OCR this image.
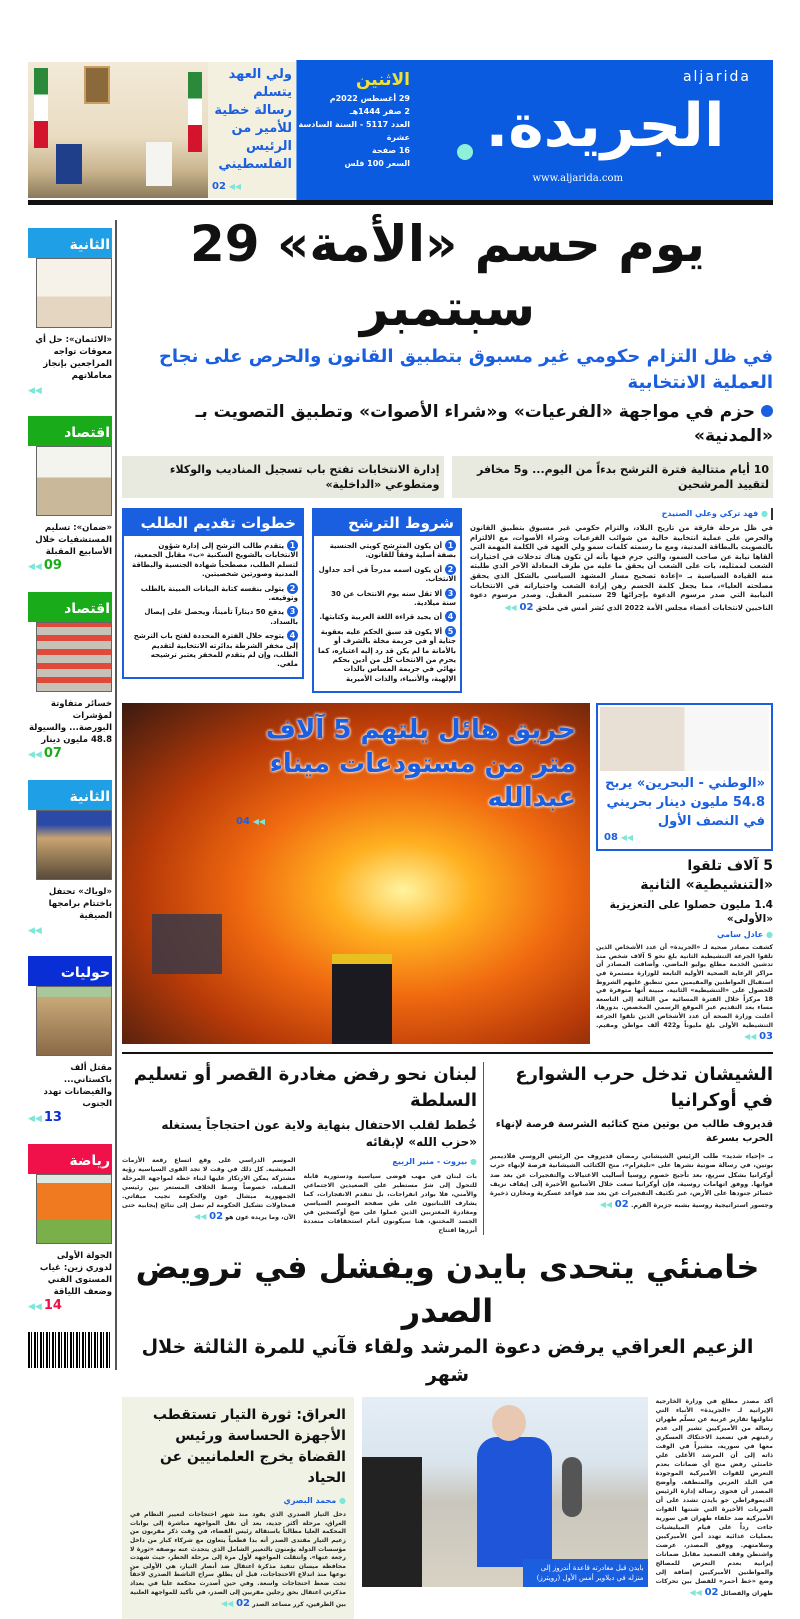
ولي العهد يتسلم رسالة خطية للأمير من الرئيس الفلسطيني
02 ◀◀
الاثنين
29 أغسطس 2022م
2 صفر 1444هـ
العدد 5117 - السنة السادسة عشرة
16 صفحة
السعر 100 فلس
aljarida
الجريدة.
www.aljarida.com
الثانية
«الائتمان»: حل أي معوقات تواجه المراجعين بإنجاز معاملاتهم
◀◀
اقتصاد
«ضمان»: تسليم المستشفيات خلال الأسابيع المقبلة
◀◀ 09
اقتصاد
خسائر متفاوتة لمؤشرات البورصة... والسيولة 48.8 مليون دينار
◀◀ 07
الثانية
«لوياك» تحتفل باختتام برامجها الصيفية
◀◀
حوليات
مقتل ألف باكستاني... والفيضانات تهدد الجنوب
◀◀ 13
رياضة
الجولة الأولى لدوري زين: غياب المستوى الفني وضعف اللياقة
◀◀ 14
يوم حسم «الأمة» 29 سبتمبر
في ظل التزام حكومي غير مسبوق بتطبيق القانون والحرص على نجاح العملية الانتخابية
حزم في مواجهة «الفرعيات» و«شراء الأصوات» وتطبيق التصويت بـ «المدنية»
10 أيام متتالية فترة الترشح بدءاً من اليوم... و5 مخافر لتقييد المرشحين
إدارة الانتخابات تفتح باب تسجيل المناديب والوكلاء ومتطوعي «الداخلية»
● فهد تركي وعلي الصنيدح
في ظل مرحلة فارقة من تاريخ البلاد، والتزام حكومي غير مسبوق بتطبيق القانون والحرص على عملية انتخابية خالية من شوائب الفرعيات وشراء الأصوات، مع الالتزام بالتصويت بالبطاقة المدنية، ومع ما رسمته كلمات سمو ولي العهد في الكلمة المهمة التي ألقاها نيابة عن صاحب السمو، والتي جزم فيها بأنه لن تكون هناك تدخلات في اختيارات الشعب لممثليه، بات على الشعب أن يحقق ما عليه من طرف المعادلة الآخر الذي طلبته منه القيادة السياسية بـ «إعادة تصحيح مسار المشهد السياسي بالشكل الذي يحقق مصلحته العليا»، مما يجعل كلمة الحسم رهن إرادة الشعب واختياراته في الانتخابات النيابية التي صدر مرسوم الدعوة بإجرائها 29 سبتمبر المقبل. وصدر مرسوم دعوة الناخبين لانتخابات أعضاء مجلس الأمة 2022 الذي نُشر أمس في ملحق 02 ◀◀
شروط الترشح
1أن يكون المترشح كويتي الجنسية بصفة أصلية وفقاً للقانون.
2أن يكون اسمه مدرجاً في أحد جداول الانتخاب.
3ألا تقل سنه يوم الانتخاب عن 30 سنة ميلادية.
4أن يجيد قراءة اللغة العربية وكتابتها.
5ألا يكون قد سبق الحكم عليه بعقوبة جناية أو في جريمة مخلة بالشرف أو بالأمانة ما لم يكن قد رد إليه اعتباره، كما يحرم من الانتخاب كل من أدين بحكم نهائي في جريمة المساس بالذات الإلهية، والأنبياء، والذات الأميرية
خطوات تقديم الطلب
1يتقدم طالب الترشح إلى إدارة شؤون الانتخابات بالشويخ السكنية «ب» مقابل الجمعية، لتسلم الطلب، مصطحباً شهادة الجنسية والبطاقة المدنية وصورتين شخصيتين.
2يتولى بنفسه كتابة البيانات المبينة بالطلب وتوقيعه.
3يدفع 50 ديناراً تأميناً، ويحصل على إيصال بالسداد.
4يتوجه خلال الفترة المحددة لفتح باب الترشح إلى مخفر الشرطة بدائرته الانتخابية لتقديم الطلب، وإن لم يتقدم للمخفر يعتبر ترشيحه ملغي.
«الوطني - البحرين» يربح 54.8 مليون دينار بحريني في النصف الأول
08 ◀◀
5 آلاف تلقوا «التنشيطية» الثانية
1.4 مليون حصلوا على التعزيزية «الأولى»
● عادل سامي
كشفت مصادر صحية لـ «الجريدة» أن عدد الأشخاص الذين تلقوا الجرعة التنشيطية الثانية بلغ نحو 5 آلاف شخص منذ تدشين الخدمة مطلع يوليو الماضي. وأضافت المصادر أن مراكز الرعاية الصحية الأولية التابعة للوزارة مستمرة في استقبال المواطنين والمقيمين ممن تنطبق عليهم الشروط للحصول على «التنشيطية» الثانية، مبينة أنها متوفرة في 18 مركزاً خلال الفترة المسائية من الثالثة إلى التاسعة مساء بعد التقديم عبر الموقع الرسمي المخصص. بدورها، أعلنت وزارة الصحة أن عدد الأشخاص الذين تلقوا الجرعة التنشيطية الأولى بلغ مليوناً و422 ألف مواطن ومقيم. 03 ◀◀
حريق هائل يلتهم 5 آلاف متر من مستودعات ميناء عبدالله
04 ◀◀
الشيشان تدخل حرب الشوارع في أوكرانيا
قديروف طالب من بوتين منح كتائبه الشرسة فرصة لإنهاء الحرب بسرعة
بـ «إحياء شديد» طلب الرئيس الشيشاني رمضان قديروف من الرئيس الروسي فلاديمير بوتين، في رسالة صوتية نشرها على «تليغرام»، منح الكتائب الشيشانية فرصة لإنهاء حرب أوكرانيا بشكل سريع، بعد تأجيج خصوم روسيا أساليب الاغتيالات والتفجيرات عن بعد ضد قواتها. ووفق اتهامات روسية، فإن أوكرانيا سعت خلال الأسابيع الأخيرة إلى إيقاف نزيف خسائر جنودها على الأرض، عبر تكثيف التفجيرات عن بعد ضد قواعد عسكرية ومخازن ذخيرة وجسور استراتيجية روسية بشبه جزيرة القرم. 02 ◀◀
لبنان نحو رفض مغادرة القصر أو تسليم السلطة
خُطط لقلب الاحتفال بنهاية ولاية عون احتجاجاً يستغله «حزب الله» لإبقائه
● بيروت - منير الربيع
بات لبنان في مهب فوضى سياسية ودستورية قابلة للتحول إلى شرّ مستطير على الصعيدين الاجتماعي والأمني، فلا بوادر انفراجات، بل تتقدم الانفجارات، كما يشارف اللبنانيون على طي صفحة الموسم السياسي ومغادرة المغتربين الذين عملوا على ضخ أوكسجين في الجسد المختنق، هنا سيكونون أمام استحقاقات متعددة أبرزها افتتاح
الموسم الدراسي على وقع اتساع رقعة الأزمات المعيشية. كل ذلك في وقت لا تجد القوى السياسية رؤية مشتركة يمكن الارتكاز عليها لبناء خطة لمواجهة المرحلة المقبلة، خصوصاً وسط الخلاف المستعر بين رئيسي الجمهورية ميشال عون والحكومة نجيب ميقاتي. فمحاولات تشكيل الحكومة لم تصل إلى نتائج إيجابية حتى الآن، وما يريده عون هو 02 ◀◀
خامنئي يتحدى بايدن ويفشل في ترويض الصدر
الزعيم العراقي يرفض دعوة المرشد ولقاء قآني للمرة الثالثة خلال شهر
أكد مصدر مطلع في وزارة الخارجية الإيرانية لـ «الجريدة» الأنباء التي تناولتها تقارير غربية عن تسلّم طهران رسالة من الأميركيين تشير إلى عدم رغبتهم في تصعيد الاحتكاك العسكري معها في سورية، مشيراً في الوقت ذاته إلى أن المرشد الأعلى علي خامنئي رفض منح أي ضمانات بعدم التعرض للقوات الأميركية الموجودة في البلد العربي والمنطقة. وأوضح المصدر أن فحوى رسالة إدارة الرئيس الديموقراطي جو بايدن تشدد على أن الضربات الأخيرة التي شنتها القوات الأميركية ضد حلفاء طهران في سورية جاءت رداً على قيام الميليشيات بعمليات عدائية تهدد أمن الأميركيين وسلامتهم. ووفق المصدر، عرضت واشنطن وقف التصعيد مقابل ضمانات إيرانية بعدم التعرض للمصالح والمواطنين الأميركيين إضافة إلى وضع «خط أحمر» للفصل بين تحركات طهران والفصائل 02 ◀◀
بايدن قبل مغادرته قاعدة أندروز إلى منزله في ديلاوير أمس الأول (رويترز)
العراق: ثورة التيار تستقطب الأجهزة الحساسة ورئيس القضاة يخرج العلمانيين عن الحياد
● محمد البصري
دخل التيار الصدري الذي يقود منذ شهر احتجاجات لتغيير النظام في العراق، مرحلة أكثر جدية، بعد أن نقل المواجهة مباشرة إلى بوابات المحكمة العليا مطالباً باستقالة رئيس القضاء، في وقت ذكر مقربون من زعيم التيار مقتدى الصدر أنه بدا قطعياً يتعاون مع شركاء كبار من داخل مؤسسات الدولة يؤمنون بالتغيير الشامل الذي يتحدث عنه بوصفه «ثورة لا رجعة عنها». وانتقلت المواجهة لأول مرة إلى مرحلة الخطر، حيث شهدت محافظة ميسان تنفيذ مذكرة اعتقال ضد أنصار التيار، هي الأولى من نوعها منذ اندلاع الاحتجاجات، قبل أن يطلق سراح الناشط الصدري لاحقاً تحت ضغط احتجاجات واسعة. وفي حين أصدرت محكمة عليا في بغداد مذكرتي اعتقال بحق رجلين مقربين إلى الصدر، في تأكيد للمواجهة العلنية بين الطرفين، كرر مساعد الصدر 02 ◀◀
